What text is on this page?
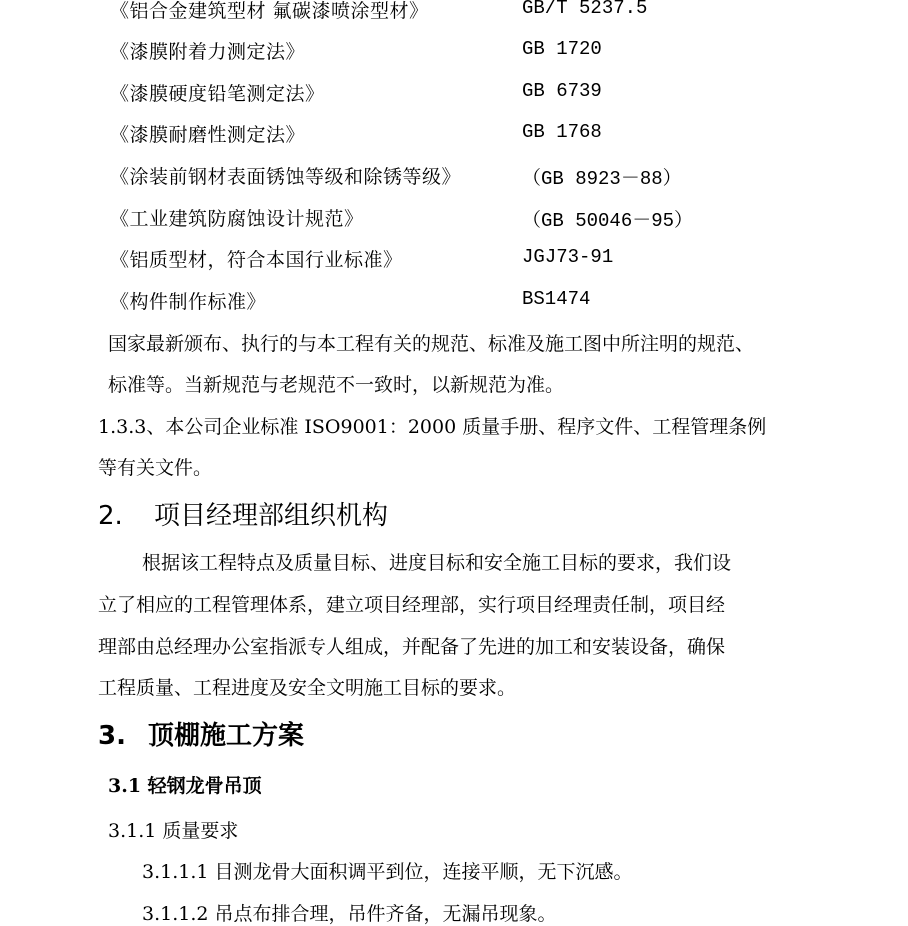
《铝合金建筑型材 氟碳漆喷涂型材》	GB/T 5237.5
《漆膜附着力测定法》	GB 1720
《漆膜硬度铅笔测定法》	GB 6739
《漆膜耐磨性测定法》	GB 1768
《涂装前钢材表面锈蚀等级和除锈等级》	（GB 8923－88）
《工业建筑防腐蚀设计规范》	（GB 50046－95）
《铝质型材，符合本国行业标准》	JGJ73-91
《构件制作标准》	BS1474
国家最新颁布、执行的与本工程有关的规范、标准及施工图中所注明的规范、
标准等。当新规范与老规范不一致时，以新规范为准。
1.3.3、本公司企业标准 ISO9001：2000 质量手册、程序文件、工程管理条例
等有关文件。
2. 项目经理部组织机构
根据该工程特点及质量目标、进度目标和安全施工目标的要求，我们设
立了相应的工程管理体系，建立项目经理部，实行项目经理责任制，项目经
理部由总经理办公室指派专人组成，并配备了先进的加工和安装设备，确保
工程质量、工程进度及安全文明施工目标的要求。
3. 顶棚施工方案
3.1 轻钢龙骨吊顶
3.1.1 质量要求
3.1.1.1 目测龙骨大面积调平到位，连接平顺，无下沉感。
3.1.1.2 吊点布排合理，吊件齐备，无漏吊现象。
